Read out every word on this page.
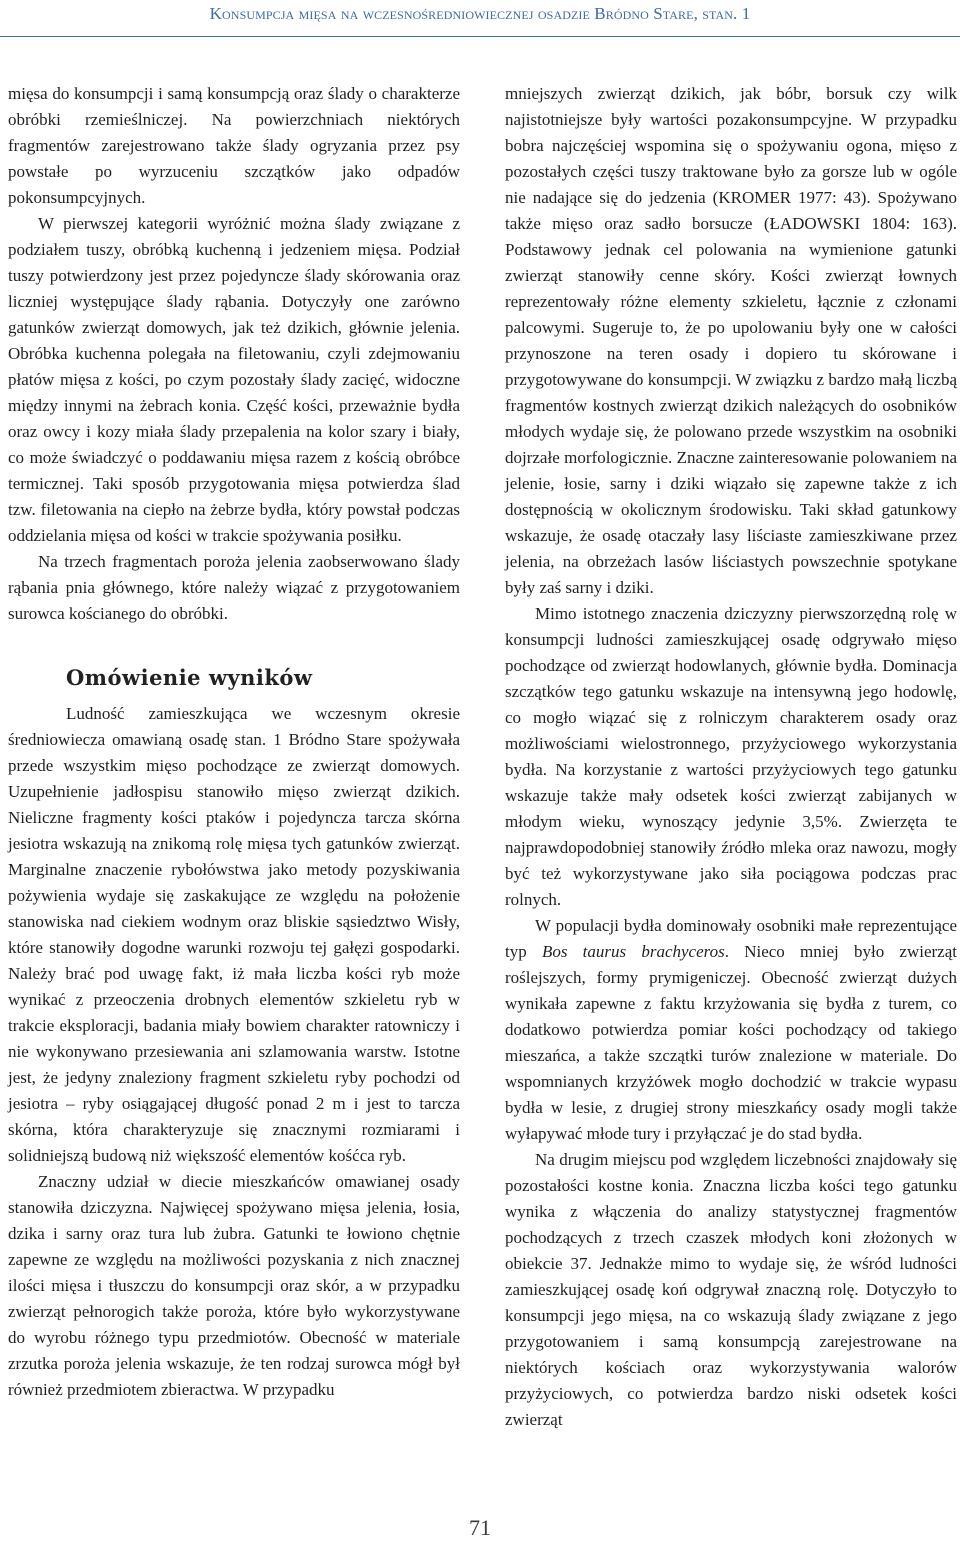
Konsumpcja mięsa na wczesnośredniowiecznej osadzie Bródno Stare, stan. 1

mięsa do konsumpcji i samą konsumpcją oraz ślady o charakterze obróbki rzemieślniczej. Na powierzchniach niektórych fragmentów zarejestrowano także ślady ogryzania przez psy powstałe po wyrzuceniu szczątków jako odpadów pokonsumpcyjnych.

W pierwszej kategorii wyróżnić można ślady związane z podziałem tuszy, obróbką kuchenną i jedzeniem mięsa. Podział tuszy potwierdzony jest przez pojedyncze ślady skórowania oraz liczniej występujące ślady rąbania. Dotyczyły one zarówno gatunków zwierząt domowych, jak też dzikich, głównie jelenia. Obróbka kuchenna polegała na filetowaniu, czyli zdejmowaniu płatów mięsa z kości, po czym pozostały ślady zacięć, widoczne między innymi na żebrach konia. Część kości, przeważnie bydła oraz owcy i kozy miała ślady przepalenia na kolor szary i biały, co może świadczyć o poddawaniu mięsa razem z kością obróbce termicznej. Taki sposób przygotowania mięsa potwierdza ślad tzw. filetowania na ciepło na żebrze bydła, który powstał podczas oddzielania mięsa od kości w trakcie spożywania posiłku.

Na trzech fragmentach poroża jelenia zaobserwowano ślady rąbania pnia głównego, które należy wiązać z przygotowaniem surowca kościanego do obróbki.

Omówienie wyników

Ludność zamieszkująca we wczesnym okresie średniowiecza omawianą osadę stan. 1 Bródno Stare spożywała przede wszystkim mięso pochodzące ze zwierząt domowych. Uzupełnienie jadłospisu stanowiło mięso zwierząt dzikich. Nieliczne fragmenty kości ptaków i pojedyncza tarcza skórna jesiotra wskazują na znikomą rolę mięsa tych gatunków zwierząt. Marginalne znaczenie rybołówstwa jako metody pozyskiwania pożywienia wydaje się zaskakujące ze względu na położenie stanowiska nad ciekiem wodnym oraz bliskie sąsiedztwo Wisły, które stanowiły dogodne warunki rozwoju tej gałęzi gospodarki. Należy brać pod uwagę fakt, iż mała liczba kości ryb może wynikać z przeoczenia drobnych elementów szkieletu ryb w trakcie eksploracji, badania miały bowiem charakter ratowniczy i nie wykonywano przesiewania ani szlamowania warstw. Istotne jest, że jedyny znaleziony fragment szkieletu ryby pochodzi od jesiotra – ryby osiągającej długość ponad 2 m i jest to tarcza skórna, która charakteryzuje się znacznymi rozmiarami i solidniejszą budową niż większość elementów kośćca ryb.

Znaczny udział w diecie mieszkańców omawianej osady stanowiła dziczyzna. Najwięcej spożywano mięsa jelenia, łosia, dzika i sarny oraz tura lub żubra. Gatunki te łowiono chętnie zapewne ze względu na możliwości pozyskania z nich znacznej ilości mięsa i tłuszczu do konsumpcji oraz skór, a w przypadku zwierząt pełnorogich także poroża, które było wykorzystywane do wyrobu różnego typu przedmiotów. Obecność w materiale zrzutka poroża jelenia wskazuje, że ten rodzaj surowca mógł był również przedmiotem zbieractwa. W przypadku

mniejszych zwierząt dzikich, jak bóbr, borsuk czy wilk najistotniejsze były wartości pozakonsumpcyjne. W przypadku bobra najczęściej wspomina się o spożywaniu ogona, mięso z pozostałych części tuszy traktowane było za gorsze lub w ogóle nie nadające się do jedzenia (KROMER 1977: 43). Spożywano także mięso oraz sadło borsucze (ŁADOWSKI 1804: 163). Podstawowy jednak cel polowania na wymienione gatunki zwierząt stanowiły cenne skóry. Kości zwierząt łownych reprezentowały różne elementy szkieletu, łącznie z członami palcowymi. Sugeruje to, że po upolowaniu były one w całości przynoszone na teren osady i dopiero tu skórowane i przygotowywane do konsumpcji. W związku z bardzo małą liczbą fragmentów kostnych zwierząt dzikich należących do osobników młodych wydaje się, że polowano przede wszystkim na osobniki dojrzałe morfologicznie. Znaczne zainteresowanie polowaniem na jelenie, łosie, sarny i dziki wiązało się zapewne także z ich dostępnością w okolicznym środowisku. Taki skład gatunkowy wskazuje, że osadę otaczały lasy liściaste zamieszkiwane przez jelenia, na obrzeżach lasów liściastych powszechnie spotykane były zaś sarny i dziki.

Mimo istotnego znaczenia dziczyzny pierwszorzędną rolę w konsumpcji ludności zamieszkującej osadę odgrywało mięso pochodzące od zwierząt hodowlanych, głównie bydła. Dominacja szczątków tego gatunku wskazuje na intensywną jego hodowlę, co mogło wiązać się z rolniczym charakterem osady oraz możliwościami wielostronnego, przyżyciowego wykorzystania bydła. Na korzystanie z wartości przyżyciowych tego gatunku wskazuje także mały odsetek kości zwierząt zabijanych w młodym wieku, wynoszący jedynie 3,5%. Zwierzęta te najprawdopodobniej stanowiły źródło mleka oraz nawozu, mogły być też wykorzystywane jako siła pociągowa podczas prac rolnych.

W populacji bydła dominowały osobniki małe reprezentujące typ Bos taurus brachyceros. Nieco mniej było zwierząt roślejszych, formy prymigeniczej. Obecność zwierząt dużych wynikała zapewne z faktu krzyżowania się bydła z turem, co dodatkowo potwierdza pomiar kości pochodzący od takiego mieszańca, a także szczątki turów znalezione w materiale. Do wspomnianych krzyżówek mogło dochodzić w trakcie wypasu bydła w lesie, z drugiej strony mieszkańcy osady mogli także wyłapywać młode tury i przyłączać je do stad bydła.

Na drugim miejscu pod względem liczebności znajdowały się pozostałości kostne konia. Znaczna liczba kości tego gatunku wynika z włączenia do analizy statystycznej fragmentów pochodzących z trzech czaszek młodych koni złożonych w obiekcie 37. Jednakże mimo to wydaje się, że wśród ludności zamieszkującej osadę koń odgrywał znaczną rolę. Dotyczyło to konsumpcji jego mięsa, na co wskazują ślady związane z jego przygotowaniem i samą konsumpcją zarejestrowane na niektórych kościach oraz wykorzystywania walorów przyżyciowych, co potwierdza bardzo niski odsetek kości zwierząt

71
